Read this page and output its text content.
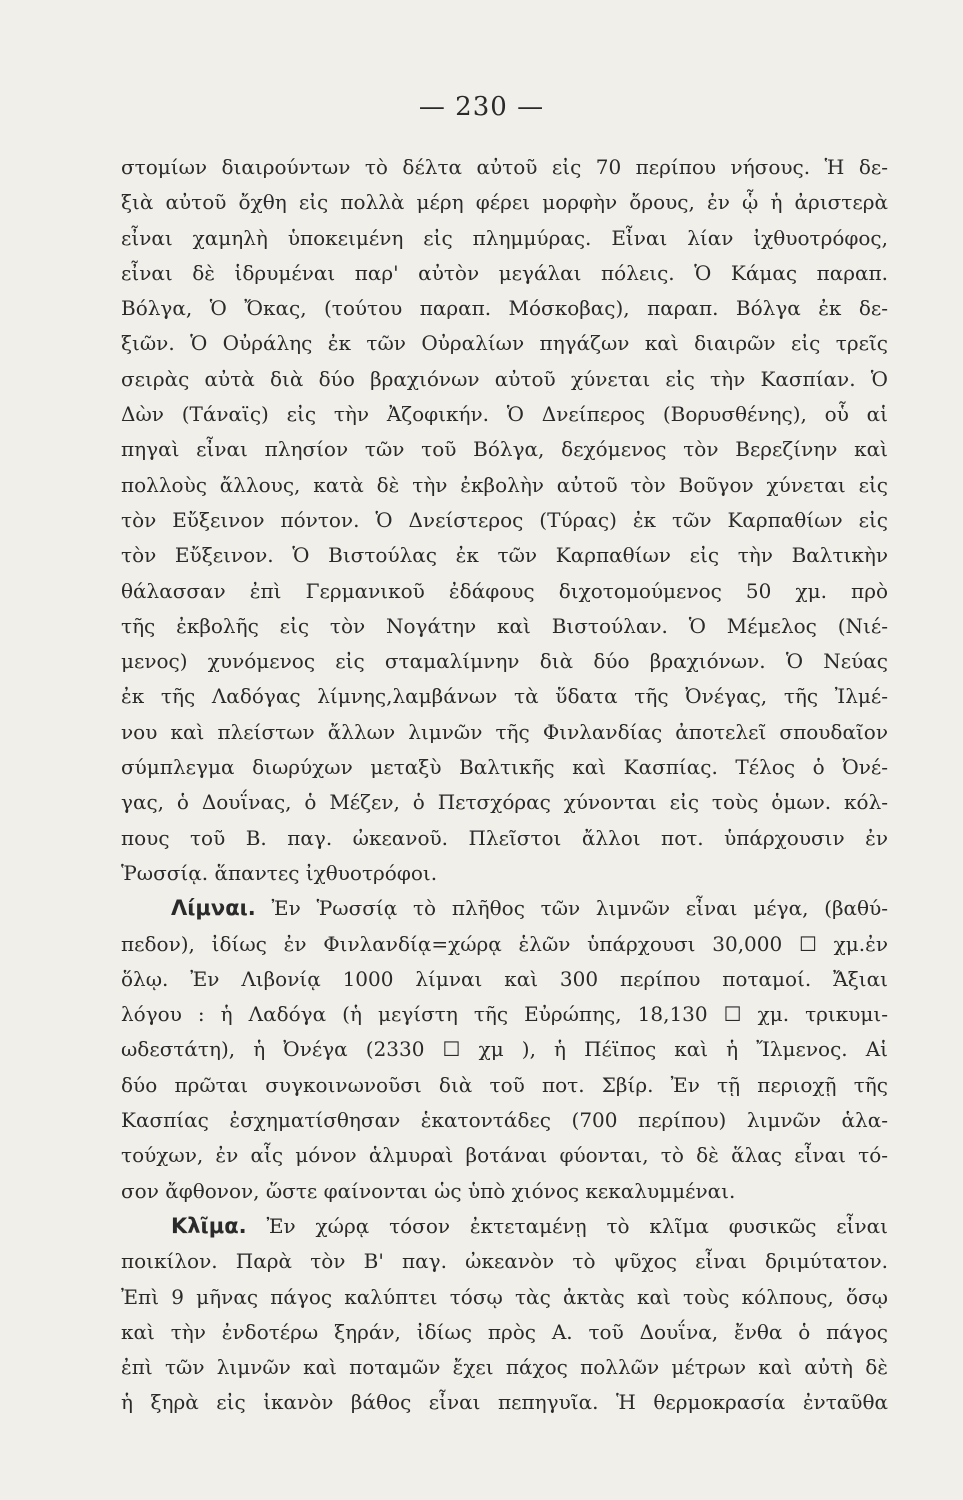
— 230 —
στομίων διαιρούντων τὸ δέλτα αὐτοῦ εἰς 70 περίπου νήσους. Ἡ δε-
ξιὰ αὐτοῦ ὄχθη εἰς πολλὰ μέρη φέρει μορφὴν ὄρους, ἐν ᾧ ἡ ἀριστερὰ
εἶναι χαμηλὴ ὑποκειμένη εἰς πλημμύρας. Εἶναι λίαν ἰχθυοτρόφος,
εἶναι δὲ ἱδρυμέναι παρ' αὐτὸν μεγάλαι πόλεις. Ὁ Κάμας παραπ.
Βόλγα, Ὁ Ὄκας, (τούτου παραπ. Μόσκοβας), παραπ. Βόλγα ἐκ δε-
ξιῶν. Ὁ Οὐράλης ἐκ τῶν Οὐραλίων πηγάζων καὶ διαιρῶν εἰς τρεῖς
σειρὰς αὐτὰ διὰ δύο βραχιόνων αὐτοῦ χύνεται εἰς τὴν Κασπίαν. Ὁ
Δὼν (Τάναϊς) εἰς τὴν Ἀζοφικήν. Ὁ Δνείπερος (Βορυσθένης), οὗ αἱ
πηγαὶ εἶναι πλησίον τῶν τοῦ Βόλγα, δεχόμενος τὸν Βερεζίνην καὶ
πολλοὺς ἄλλους, κατὰ δὲ τὴν ἐκβολὴν αὐτοῦ τὸν Βοῦγον χύνεται εἰς
τὸν Εὔξεινον πόντον. Ὁ Δνείστερος (Τύρας) ἐκ τῶν Καρπαθίων εἰς
τὸν Εὔξεινον. Ὁ Βιστούλας ἐκ τῶν Καρπαθίων εἰς τὴν Βαλτικὴν
θάλασσαν ἐπὶ Γερμανικοῦ ἐδάφους διχοτομούμενος 50 χμ. πρὸ
τῆς ἐκβολῆς εἰς τὸν Νογάτην καὶ Βιστούλαν. Ὁ Μέμελος (Νιέ-
μενος) χυνόμενος εἰς σταμαλίμνην διὰ δύο βραχιόνων. Ὁ Νεύας
ἐκ τῆς Λαδόγας λίμνης,λαμβάνων τὰ ὕδατα τῆς Ὀνέγας, τῆς Ἰλμέ-
νου καὶ πλείστων ἄλλων λιμνῶν τῆς Φινλανδίας ἀποτελεῖ σπουδαῖον
σύμπλεγμα διωρύχων μεταξὺ Βαλτικῆς καὶ Κασπίας. Τέλος ὁ Ὀνέ-
γας, ὁ Δουΐνας, ὁ Μέζεν, ὁ Πετσχόρας χύνονται εἰς τοὺς ὁμων. κόλ-
πους τοῦ Β. παγ. ὠκεανοῦ. Πλεῖστοι ἄλλοι ποτ. ὑπάρχουσιν ἐν
Ῥωσσίᾳ. ἅπαντες ἰχθυοτρόφοι.
Λίμναι. Ἐν Ῥωσσίᾳ τὸ πλῆθος τῶν λιμνῶν εἶναι μέγα, (βαθύ-
πεδον), ἰδίως ἐν Φινλανδίᾳ=χώρᾳ ἑλῶν ὑπάρχουσι 30,000 ☐ χμ.ἐν
ὅλῳ. Ἐν Λιβονίᾳ 1000 λίμναι καὶ 300 περίπου ποταμοί. Ἄξιαι
λόγου : ἡ Λαδόγα (ἡ μεγίστη τῆς Εὐρώπης, 18,130 ☐ χμ. τρικυμι-
ωδεστάτη), ἡ Ὀνέγα (2330 ☐ χμ ), ἡ Πέϊπος καὶ ἡ Ἴλμενος. Αἱ
δύο πρῶται συγκοινωνοῦσι διὰ τοῦ ποτ. Σβίρ. Ἐν τῇ περιοχῇ τῆς
Κασπίας ἐσχηματίσθησαν ἑκατοντάδες (700 περίπου) λιμνῶν ἁλα-
τούχων, ἐν αἷς μόνον ἁλμυραὶ βοτάναι φύονται, τὸ δὲ ἅλας εἶναι τό-
σον ἄφθονον, ὥστε φαίνονται ὡς ὑπὸ χιόνος κεκαλυμμέναι.
Κλῖμα. Ἐν χώρᾳ τόσον ἐκτεταμένῃ τὸ κλῖμα φυσικῶς εἶναι
ποικίλον. Παρὰ τὸν Β' παγ. ὠκεανὸν τὸ ψῦχος εἶναι δριμύτατον.
Ἐπὶ 9 μῆνας πάγος καλύπτει τόσῳ τὰς ἀκτὰς καὶ τοὺς κόλπους, ὅσῳ
καὶ τὴν ἐνδοτέρω ξηράν, ἰδίως πρὸς Α. τοῦ Δουΐνα, ἔνθα ὁ πάγος
ἐπὶ τῶν λιμνῶν καὶ ποταμῶν ἔχει πάχος πολλῶν μέτρων καὶ αὐτὴ δὲ
ἡ ξηρὰ εἰς ἱκανὸν βάθος εἶναι πεπηγυῖα. Ἡ θερμοκρασία ἐνταῦθα
